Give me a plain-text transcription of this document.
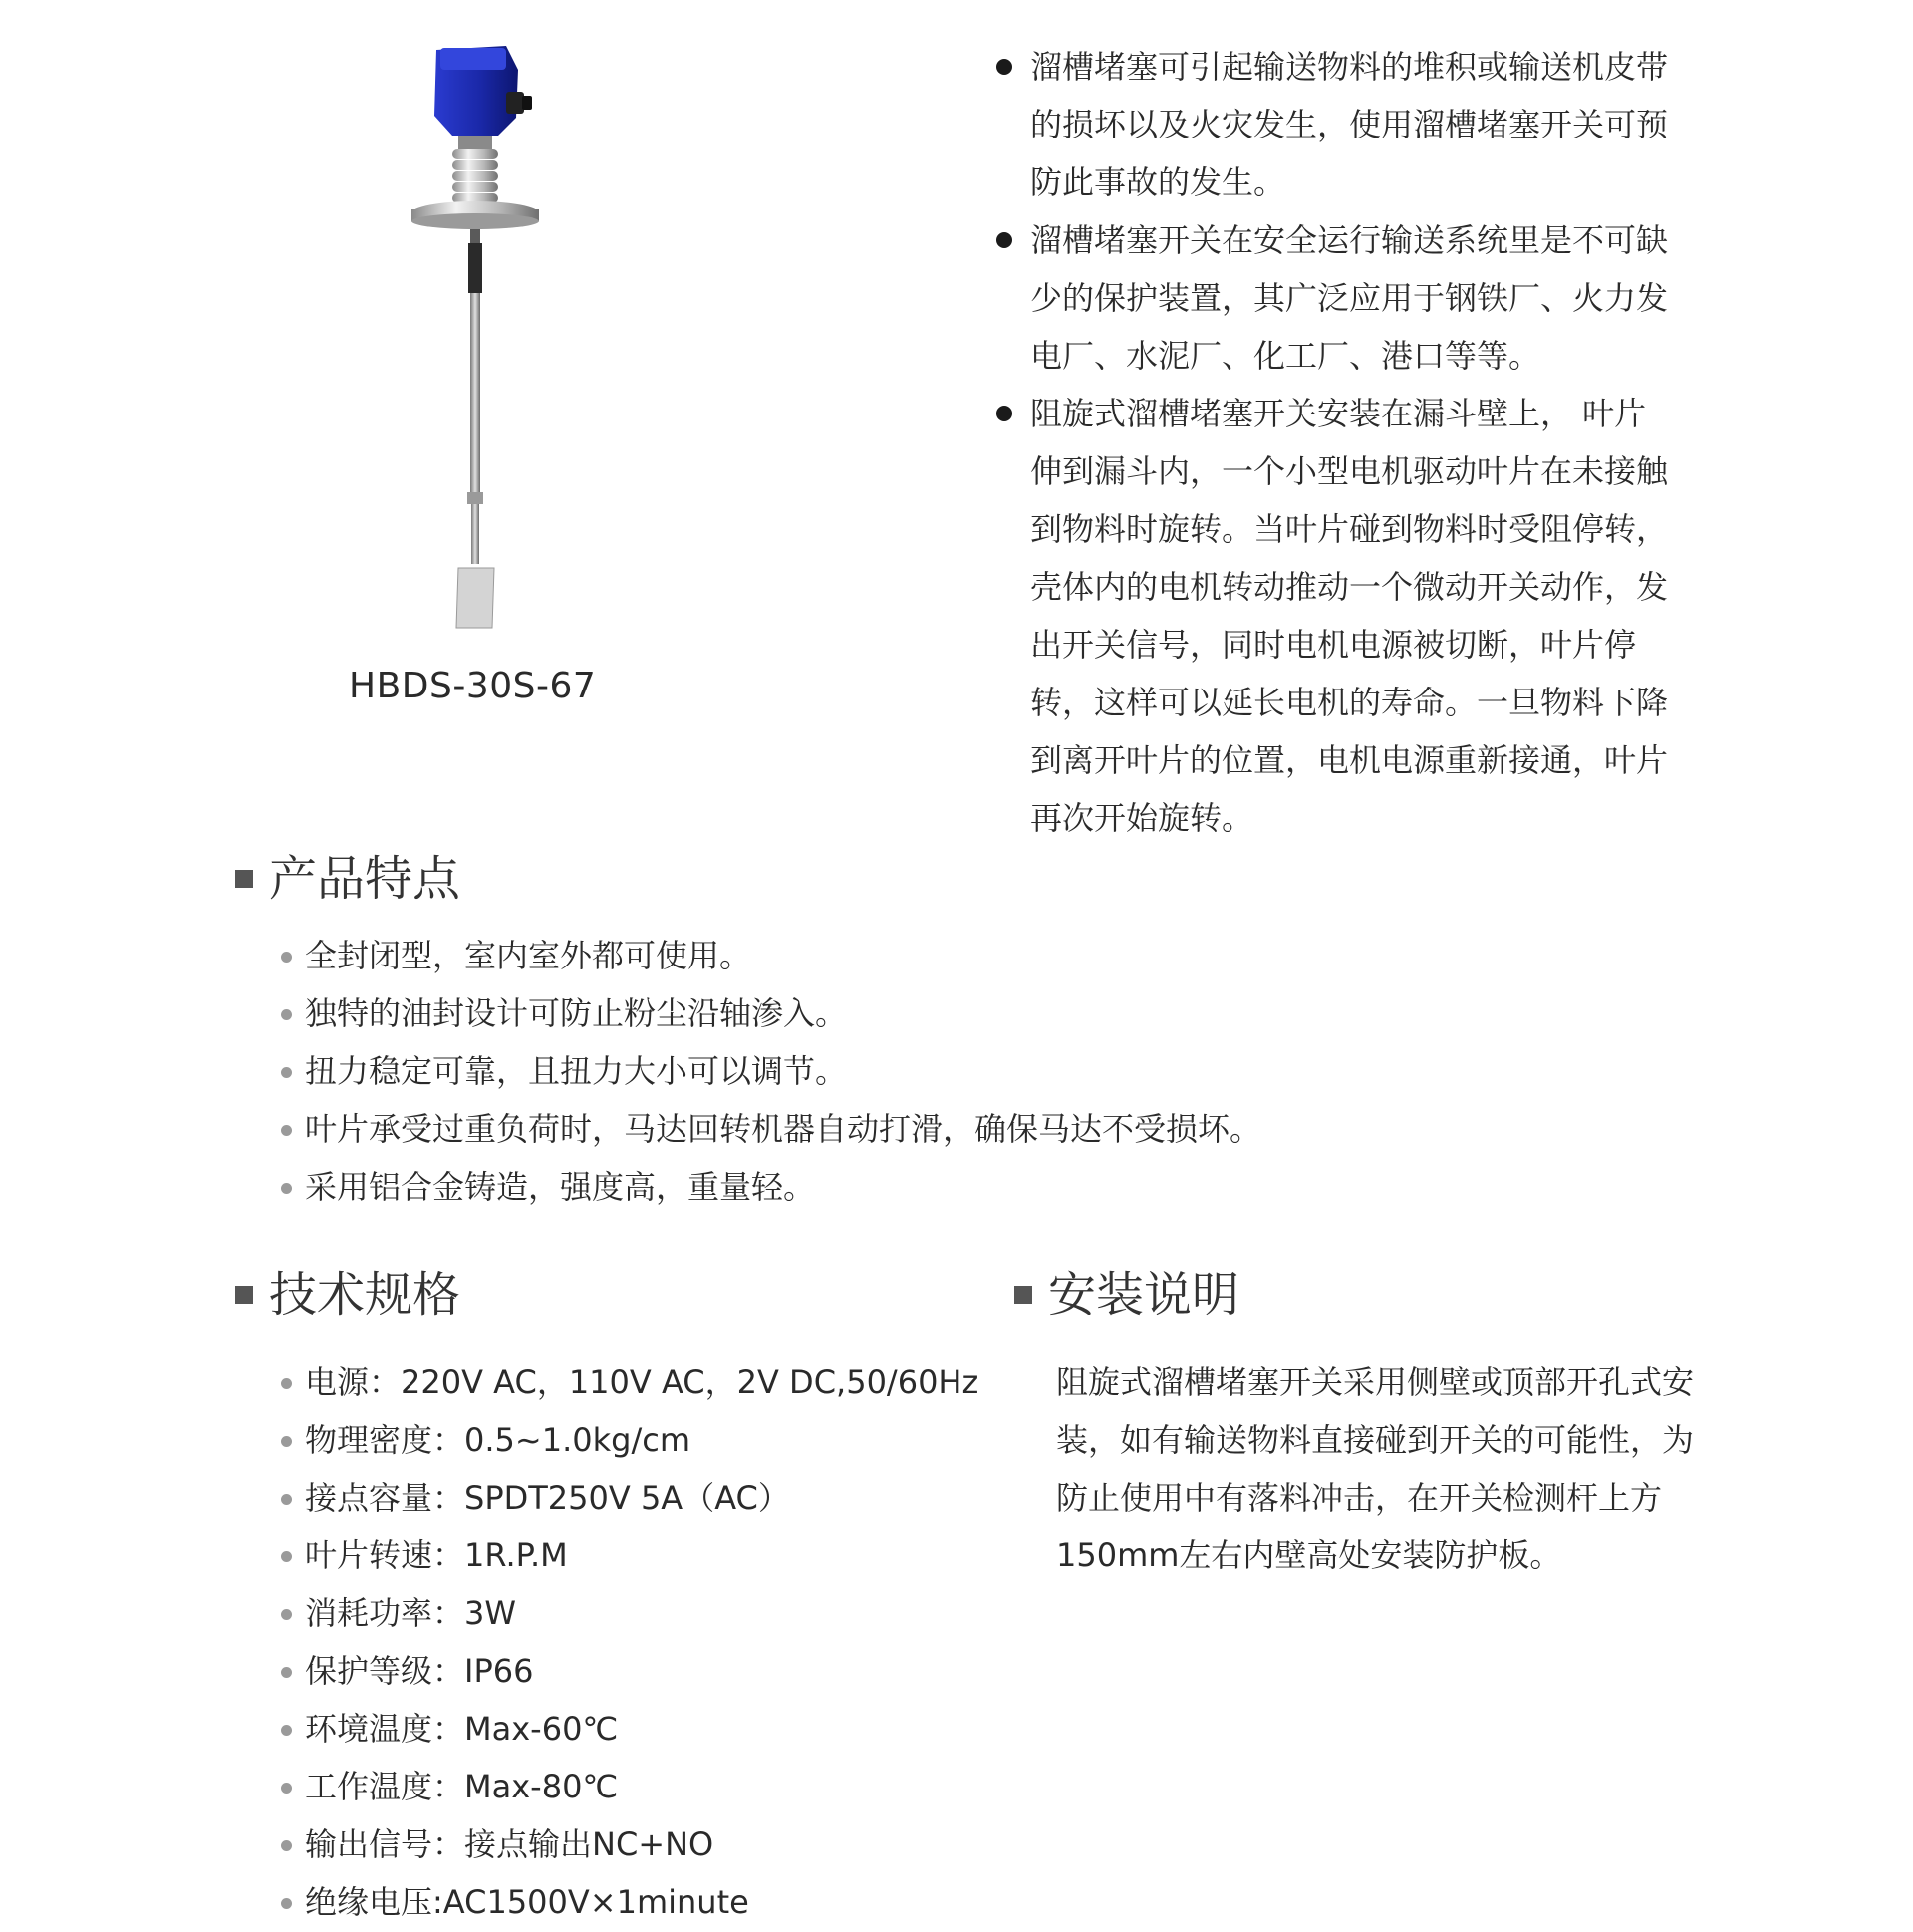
HBDS-30S-67
溜槽堵塞可引起输送物料的堆积或输送机皮带的损坏以及火灾发生，使用溜槽堵塞开关可预防此事故的发生。
溜槽堵塞开关在安全运行输送系统里是不可缺少的保护装置，其广泛应用于钢铁厂、火力发电厂、水泥厂、化工厂、港口等等。
阻旋式溜槽堵塞开关安装在漏斗壁上， 叶片伸到漏斗内，一个小型电机驱动叶片在未接触到物料时旋转。当叶片碰到物料时受阻停转，壳体内的电机转动推动一个微动开关动作，发出开关信号，同时电机电源被切断，叶片停转，这样可以延长电机的寿命。一旦物料下降到离开叶片的位置，电机电源重新接通，叶片再次开始旋转。
产品特点
全封闭型，室内室外都可使用。
独特的油封设计可防止粉尘沿轴渗入。
扭力稳定可靠，且扭力大小可以调节。
叶片承受过重负荷时，马达回转机器自动打滑，确保马达不受损坏。
采用铝合金铸造，强度高，重量轻。
技术规格
电源：220V AC，110V AC，2V DC,50/60Hz
物理密度：0.5~1.0kg/cm
接点容量：SPDT250V 5A（AC）
叶片转速：1R.P.M
消耗功率：3W
保护等级：IP66
环境温度：Max-60℃
工作温度：Max-80℃
输出信号：接点输出NC+NO
绝缘电压:AC1500V×1minute
安装说明
阻旋式溜槽堵塞开关采用侧壁或顶部开孔式安装，如有输送物料直接碰到开关的可能性，为防止使用中有落料冲击，在开关检测杆上方150mm左右内壁高处安装防护板。
